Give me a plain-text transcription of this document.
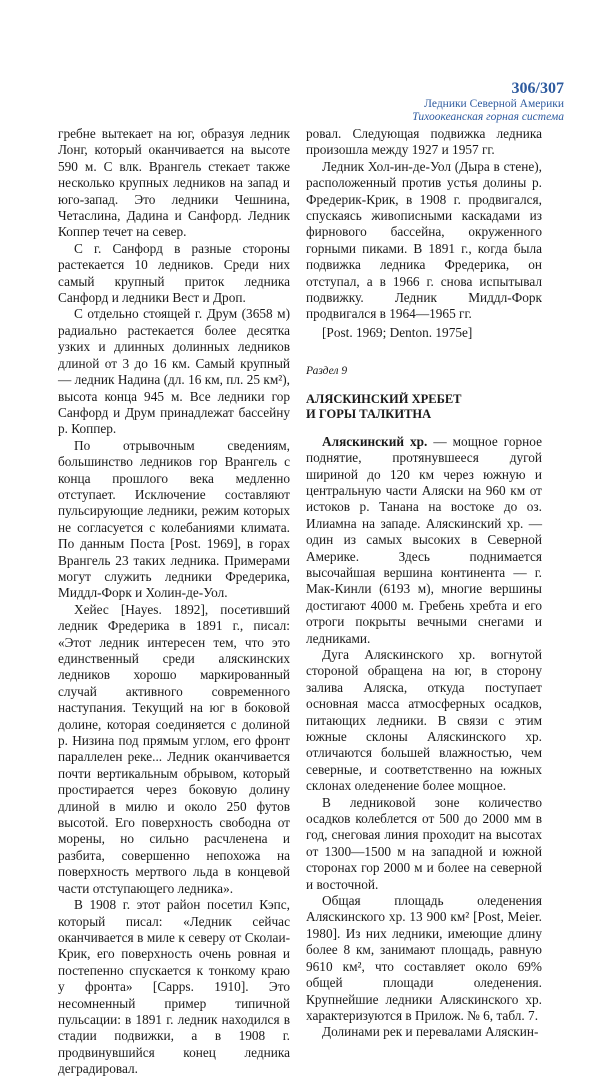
306/307
Ледники Северной Америки
Тихоокеанская горная система

гребне вытекает на юг, образуя ледник Лонг, который оканчивается на высоте 590 м. С влк. Врангель стекает также несколько крупных ледников на запад и юго-запад. Это ледники Чешнина, Четаслина, Дадина и Санфорд. Ледник Коппер течет на север.

С г. Санфорд в разные стороны растекается 10 ледников. Среди них самый крупный приток ледника Санфорд и ледники Вест и Дроп.

С отдельно стоящей г. Друм (3658 м) радиально растекается более десятка узких и длинных долинных ледников длиной от 3 до 16 км. Самый крупный — ледник Надина (дл. 16 км, пл. 25 км²), высота конца 945 м. Все ледники гор Санфорд и Друм принадлежат бассейну р. Коппер.

По отрывочным сведениям, большинство ледников гор Врангель с конца прошлого века медленно отступает. Исключение составляют пульсирующие ледники, режим которых не согласуется с колебаниями климата. По данным Поста [Post. 1969], в горах Врангель 23 таких ледника. Примерами могут служить ледники Фредерика, Миддл-Форк и Холин-де-Уол.

Хейес [Hayes. 1892], посетивший ледник Фредерика в 1891 г., писал: «Этот ледник интересен тем, что это единственный среди аляскинских ледников хорошо маркированный случай активного современного наступания. Текущий на юг в боковой долине, которая соединяется с долиной р. Низина под прямым углом, его фронт параллелен реке... Ледник оканчивается почти вертикальным обрывом, который простирается через боковую долину длиной в милю и около 250 футов высотой. Его поверхность свободна от морены, но сильно расчленена и разбита, совершенно непохожа на поверхность мертвого льда в концевой части отступающего ледника».

В 1908 г. этот район посетил Кэпс, который писал: «Ледник сейчас оканчивается в миле к северу от Сколаи-Крик, его поверхность очень ровная и постепенно спускается к тонкому краю у фронта» [Capps. 1910]. Это несомненный пример типичной пульсации: в 1891 г. ледник находился в стадии подвижки, а в 1908 г. продвинувшийся конец ледника деградировал.

ровал. Следующая подвижка ледника произошла между 1927 и 1957 гг.

Ледник Хол-ин-де-Уол (Дыра в стене), расположенный против устья долины р. Фредерик-Крик, в 1908 г. продвигался, спускаясь живописными каскадами из фирнового бассейна, окруженного горными пиками. В 1891 г., когда была подвижка ледника Фредерика, он отступал, а в 1966 г. снова испытывал подвижку. Ледник Миддл-Форк продвигался в 1964—1965 гг.

[Post. 1969; Denton. 1975e]

Раздел 9
АЛЯСКИНСКИЙ ХРЕБЕТ
И ГОРЫ ТАЛКИТНА

Аляскинский хр. — мощное горное поднятие, протянувшееся дугой шириной до 120 км через южную и центральную части Аляски на 960 км от истоков р. Танана на востоке до оз. Илиамна на западе. Аляскинский хр. — один из самых высоких в Северной Америке. Здесь поднимается высочайшая вершина континента — г. Мак-Кинли (6193 м), многие вершины достигают 4000 м. Гребень хребта и его отроги покрыты вечными снегами и ледниками.

Дуга Аляскинского хр. вогнутой стороной обращена на юг, в сторону залива Аляска, откуда поступает основная масса атмосферных осадков, питающих ледники. В связи с этим южные склоны Аляскинского хр. отличаются большей влажностью, чем северные, и соответственно на южных склонах оледенение более мощное.

В ледниковой зоне количество осадков колеблется от 500 до 2000 мм в год, снеговая линия проходит на высотах от 1300—1500 м на западной и южной сторонах гор 2000 м и более на северной и восточной.

Общая площадь оледенения Аляскинского хр. 13 900 км² [Post, Meier. 1980]. Из них ледники, имеющие длину более 8 км, занимают площадь, равную 9610 км², что составляет около 69% общей площади оледенения. Крупнейшие ледники Аляскинского хр. характеризуются в Прилож. № 6, табл. 7.

Долинами рек и перевалами Аляскин-
